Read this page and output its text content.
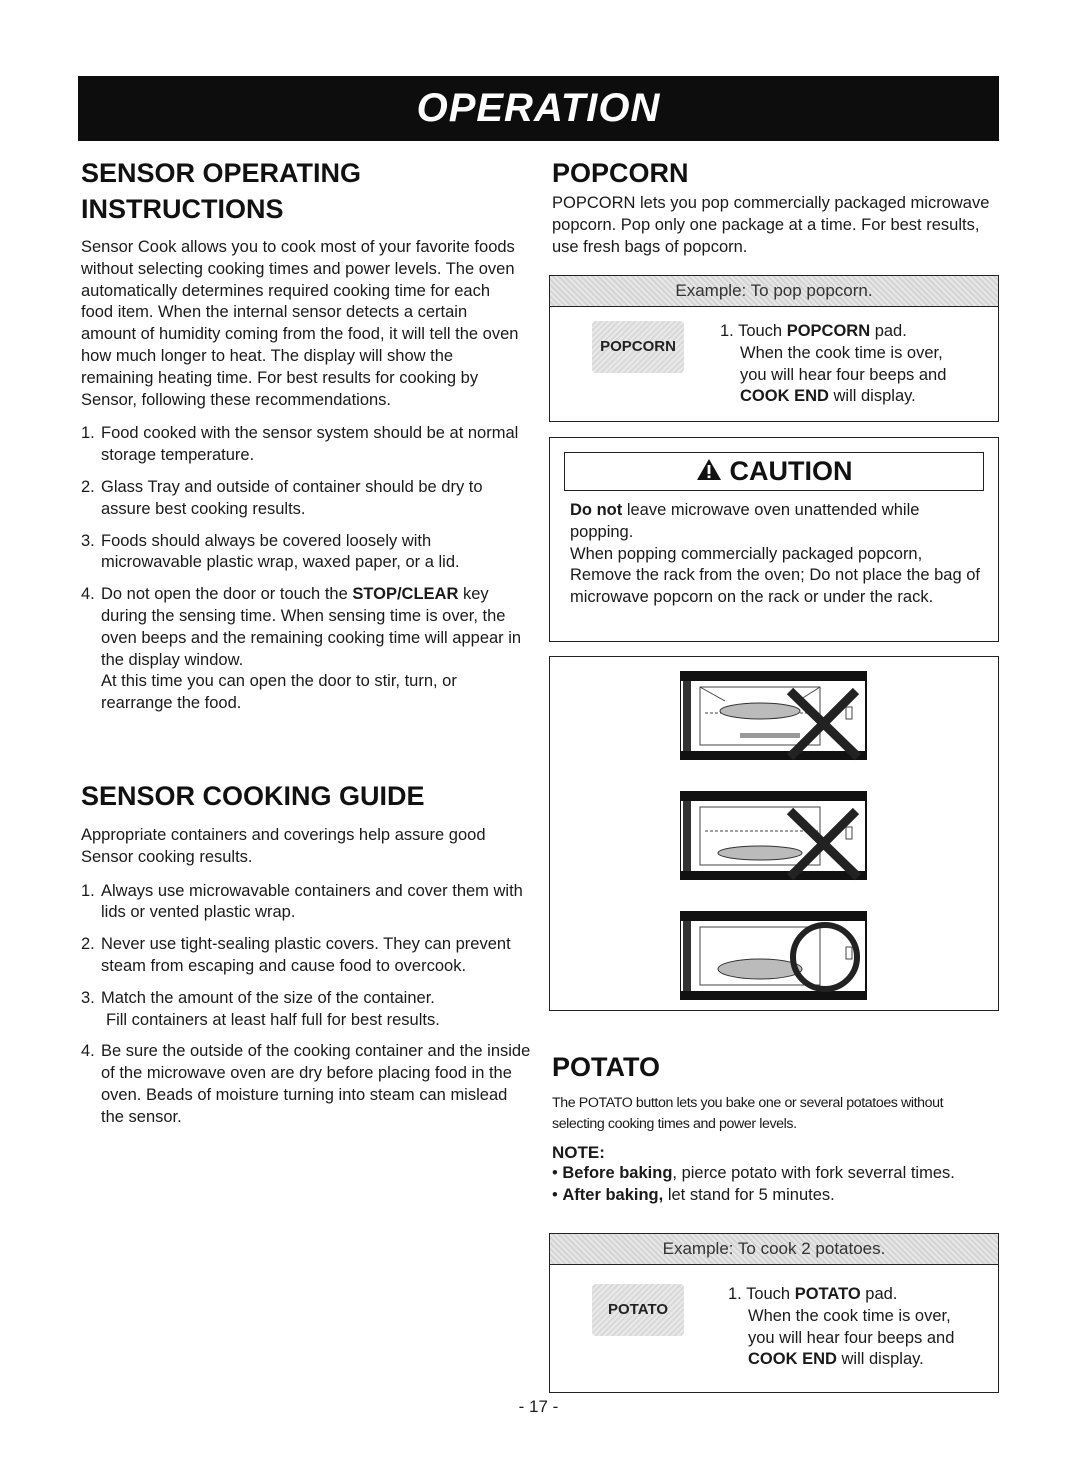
OPERATION
SENSOR OPERATING
INSTRUCTIONS

Sensor Cook allows you to cook most of your favorite foods without selecting cooking times and power levels. The oven automatically determines required cooking time for each food item. When the internal sensor detects a certain amount of humidity coming from the food, it will tell the oven how much longer to heat. The display will show the remaining heating time. For best results for cooking by Sensor, following these recommendations.

1. Food cooked with the sensor system should be at normal storage temperature.
2. Glass Tray and outside of container should be dry to assure best cooking results.
3. Foods should always be covered loosely with microwavable plastic wrap, waxed paper, or a lid.
4. Do not open the door or touch the STOP/CLEAR key during the sensing time. When sensing time is over, the oven beeps and the remaining cooking time will appear in the display window.
At this time you can open the door to stir, turn, or rearrange the food.
SENSOR COOKING GUIDE

Appropriate containers and coverings help assure good Sensor cooking results.

1. Always use microwavable containers and cover them with lids or vented plastic wrap.
2. Never use tight-sealing plastic covers. They can prevent steam from escaping and cause food to overcook.
3. Match the amount of the size of the container.
Fill containers at least half full for best results.
4. Be sure the outside of the cooking container and the inside of the microwave oven are dry before placing food in the oven. Beads of moisture turning into steam can mislead the sensor.
POPCORN

POPCORN lets you pop commercially packaged microwave popcorn. Pop only one package at a time. For best results, use fresh bags of popcorn.

Example: To pop popcorn.
POPCORN
1. Touch POPCORN pad.
When the cook time is over,
you will hear four beeps and
COOK END will display.
CAUTION
Do not leave microwave oven unattended while popping.
When popping commercially packaged popcorn, Remove the rack from the oven; Do not place the bag of microwave popcorn on the rack or under the rack.
POTATO

The POTATO button lets you bake one or several potatoes without selecting cooking times and power levels.

NOTE:
• Before baking, pierce potato with fork severral times.
• After baking, let stand for 5 minutes.
Example: To cook 2 potatoes.
POTATO
1. Touch POTATO pad.
When the cook time is over,
you will hear four beeps and
COOK END will display.
- 17 -
